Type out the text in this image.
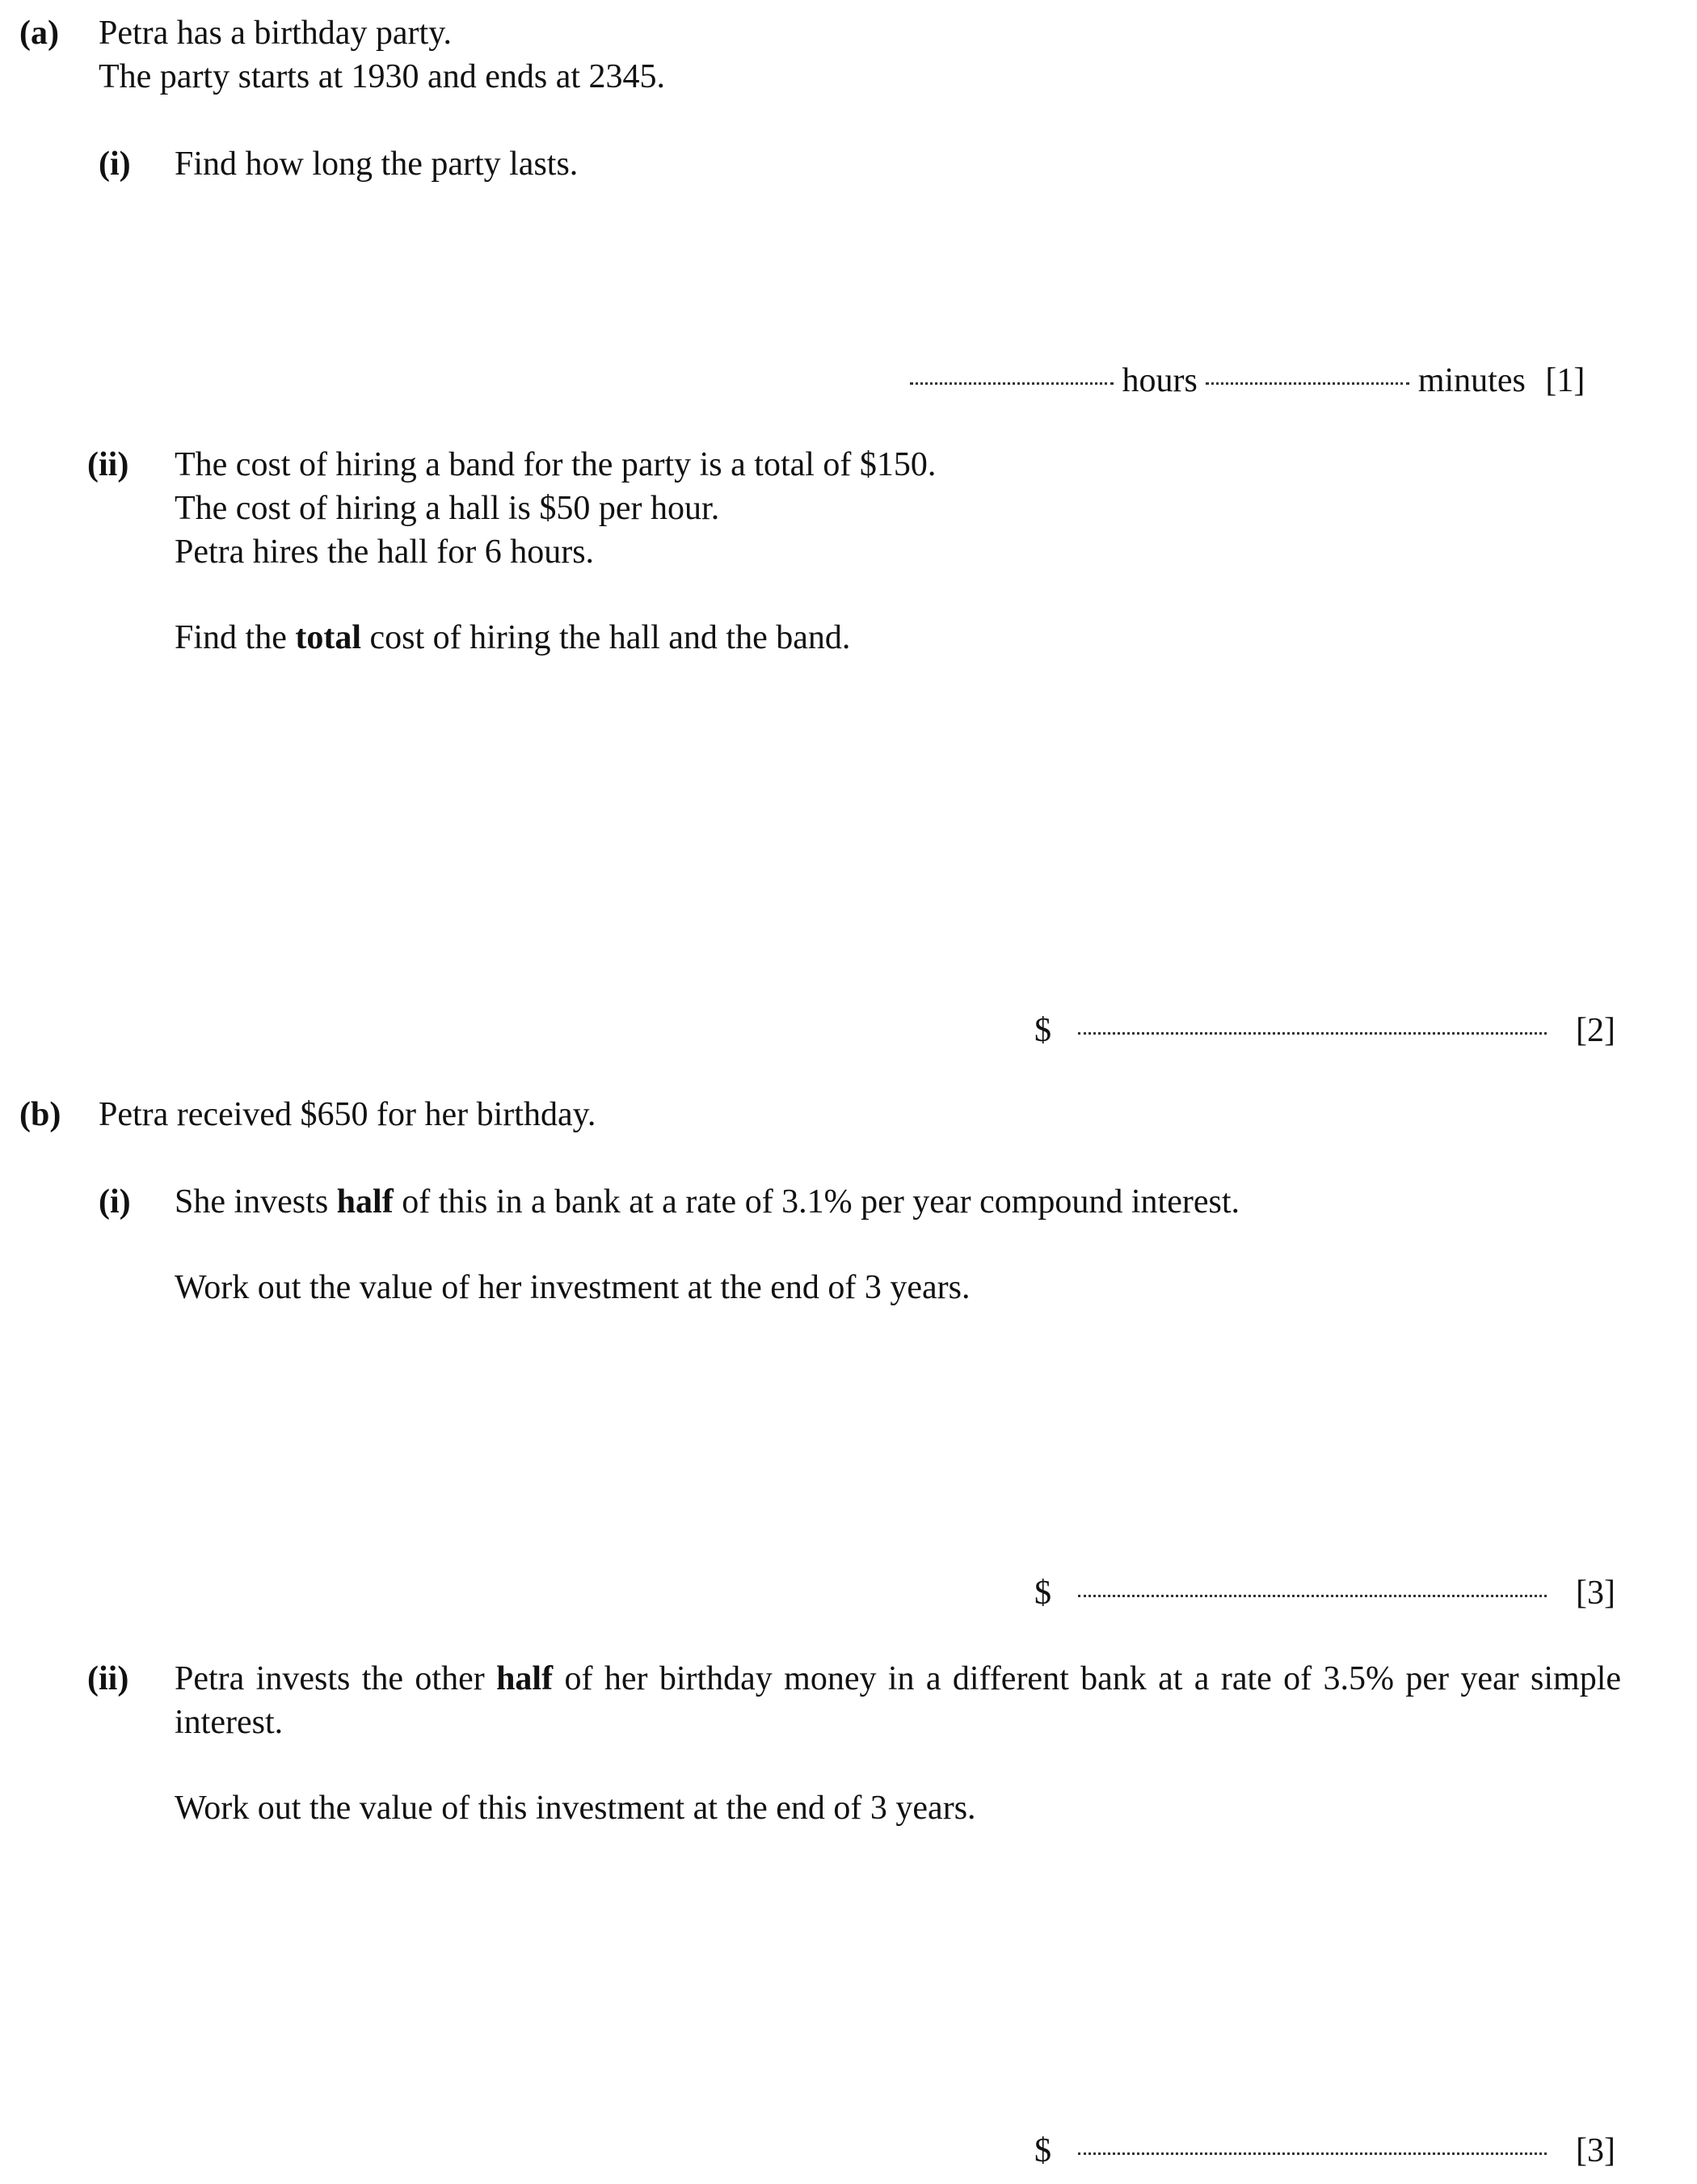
(a) Petra has a birthday party.
The party starts at 1930 and ends at 2345.
(i) Find how long the party lasts.
hours	minutes [1]
(ii) The cost of hiring a band for the party is a total of $150.
The cost of hiring a hall is $50 per hour.
Petra hires the hall for 6 hours.
Find the total cost of hiring the hall and the band.
$	[2]
(b) Petra received $650 for her birthday.
(i) She invests half of this in a bank at a rate of 3.1% per year compound interest.
Work out the value of her investment at the end of 3 years.
$	[3]
(ii) Petra invests the other half of her birthday money in a different bank at a rate of 3.5% per year simple interest.
Work out the value of this investment at the end of 3 years.
$	[3]
